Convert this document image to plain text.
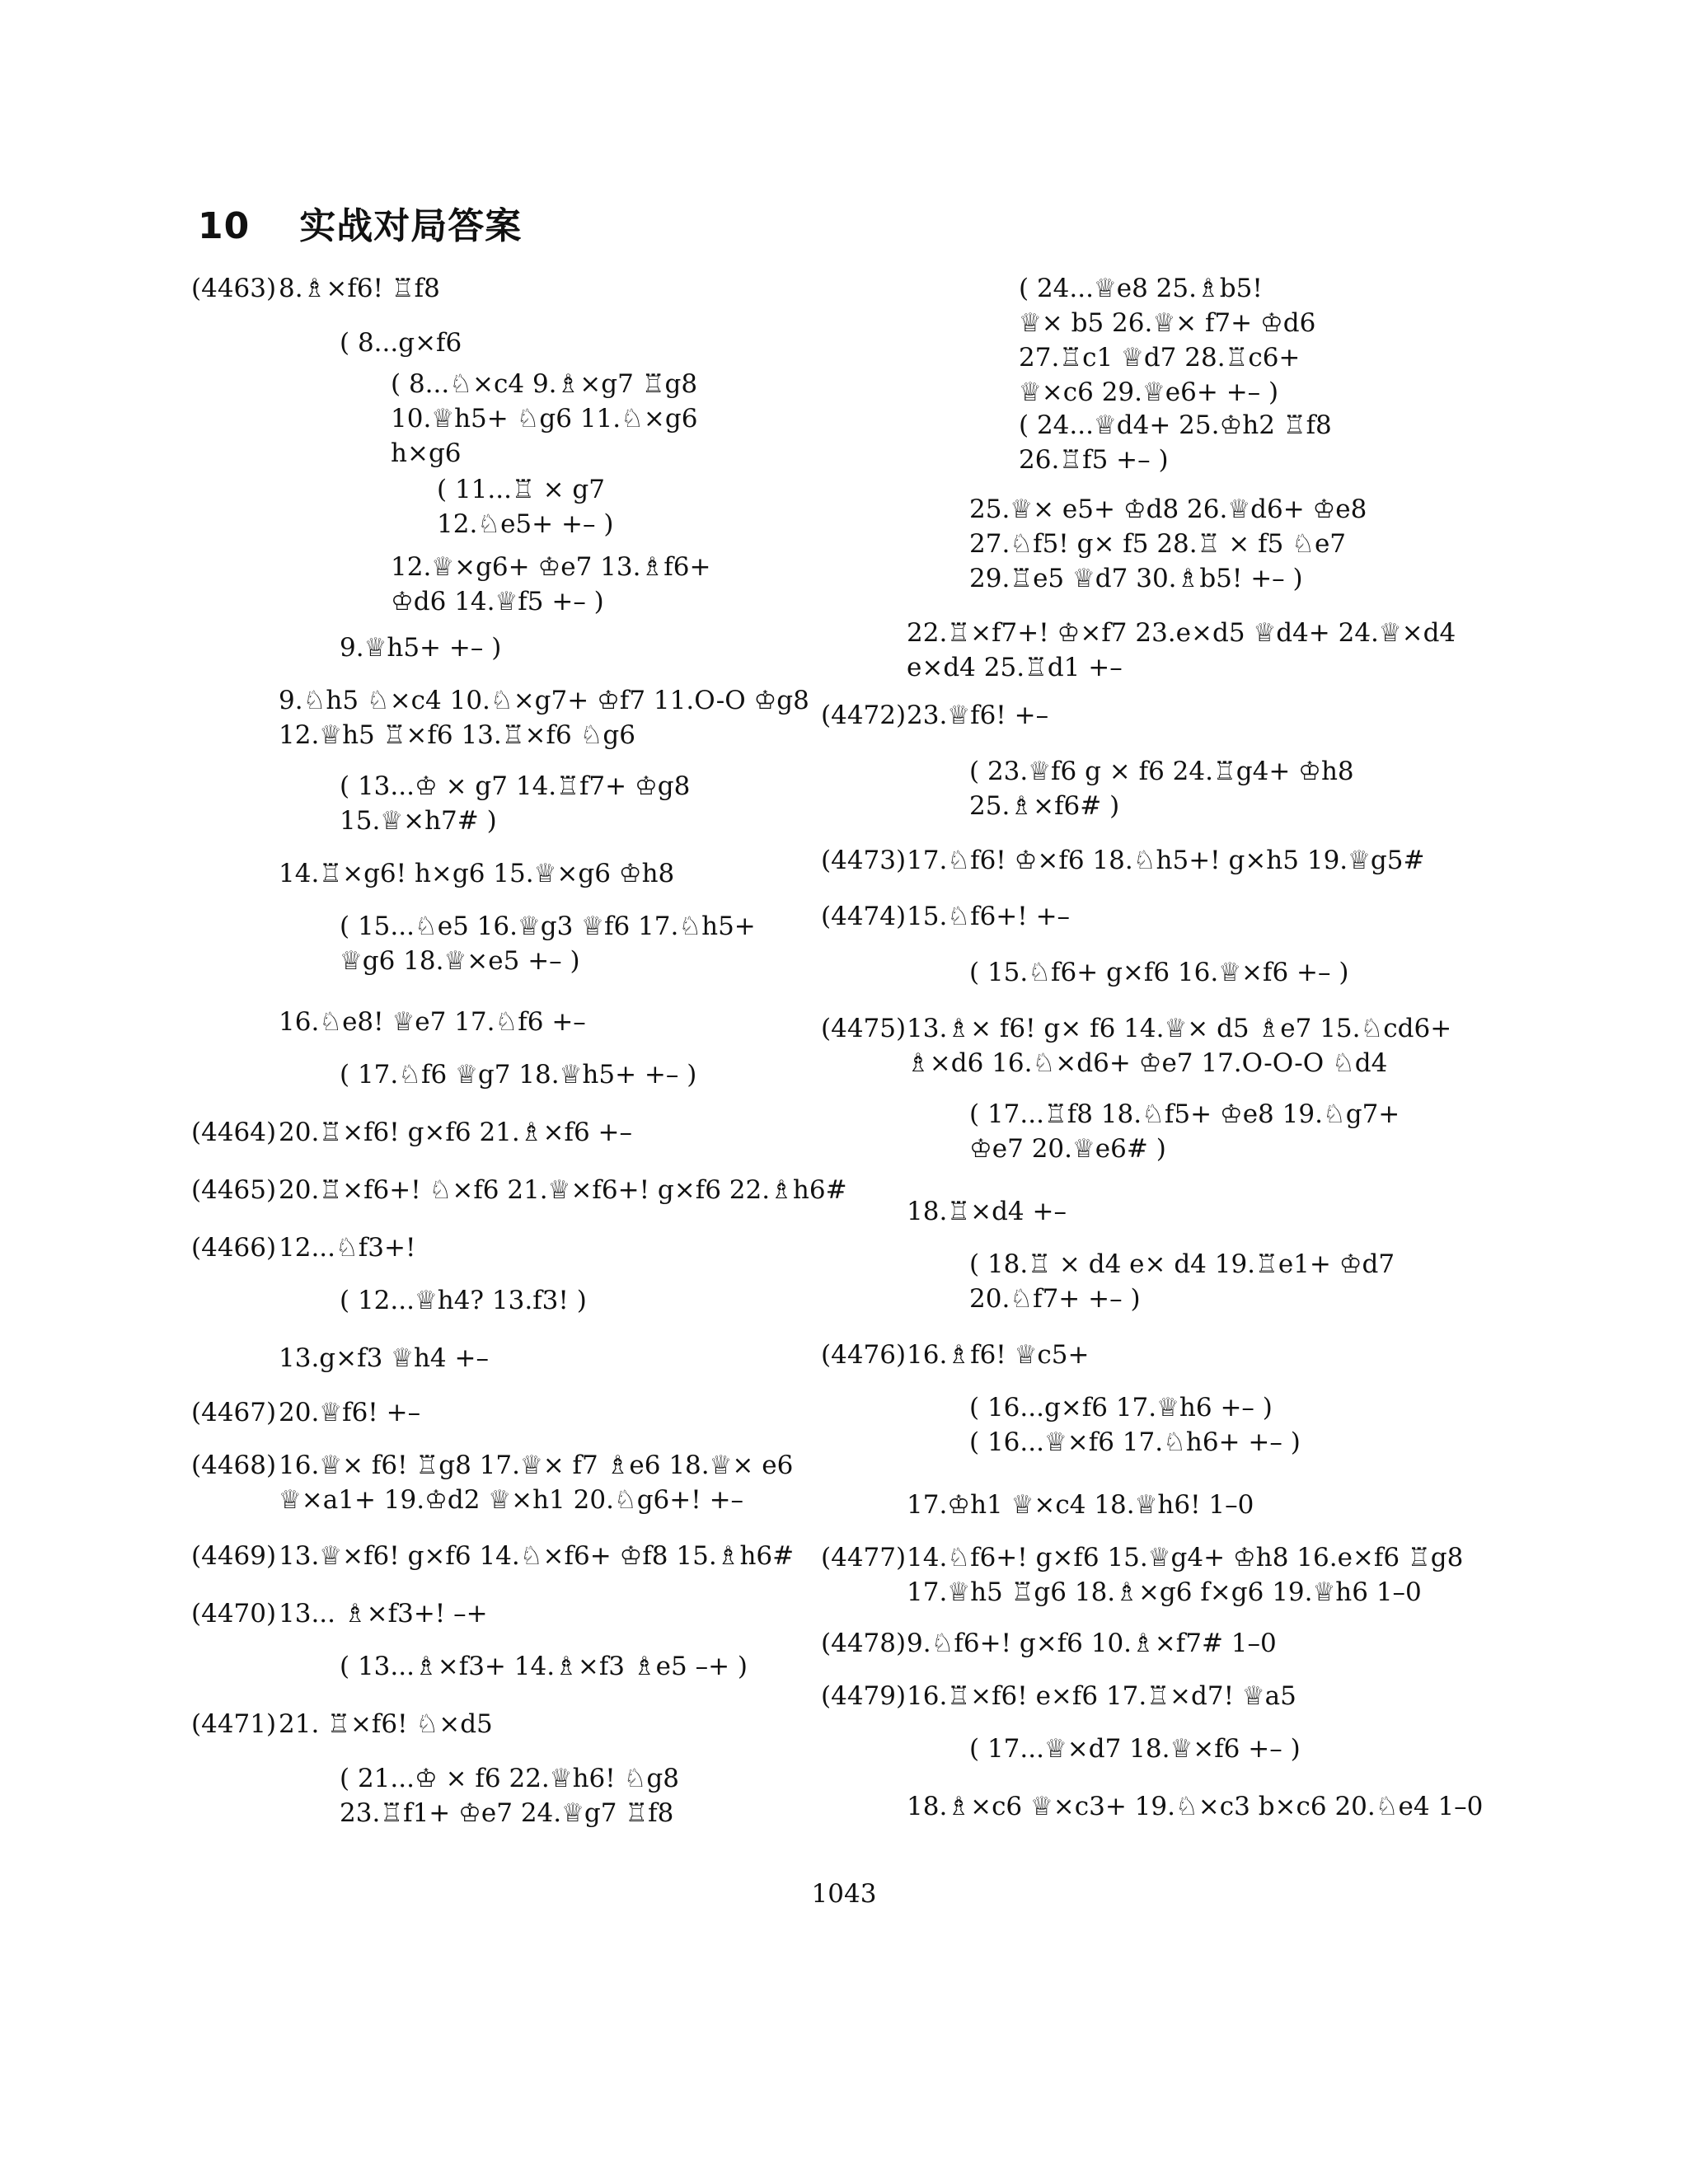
10 实战对局答案
(4463) 8.♗×f6! ♖f8
( 8...g×f6
( 8...♘×c4 9.♗×g7 ♖g8
10.♕h5+ ♘g6 11.♘×g6
h×g6
( 11...♖ × g7
12.♘e5+ +– )
12.♕×g6+ ♔e7 13.♗f6+
♔d6 14.♕f5 +– )
9.♕h5+ +– )
9.♘h5 ♘×c4 10.♘×g7+ ♔f7 11.O-O ♔g8
12.♕h5 ♖×f6 13.♖×f6 ♘g6
( 13...♔ × g7 14.♖f7+ ♔g8
15.♕×h7# )
14.♖×g6! h×g6 15.♕×g6 ♔h8
( 15...♘e5 16.♕g3 ♕f6 17.♘h5+
♕g6 18.♕×e5 +– )
16.♘e8! ♕e7 17.♘f6 +–
( 17.♘f6 ♕g7 18.♕h5+ +– )
(4464) 20.♖×f6! g×f6 21.♗×f6 +–
(4465) 20.♖×f6+! ♘×f6 21.♕×f6+! g×f6 22.♗h6#
(4466) 12...♘f3+!
( 12...♕h4? 13.f3! )
13.g×f3 ♕h4 +–
(4467) 20.♕f6! +–
(4468) 16.♕× f6! ♖g8 17.♕× f7 ♗e6 18.♕× e6
♕×a1+ 19.♔d2 ♕×h1 20.♘g6+! +–
(4469) 13.♕×f6! g×f6 14.♘×f6+ ♔f8 15.♗h6#
(4470) 13... ♗×f3+! –+
( 13...♗×f3+ 14.♗×f3 ♗e5 –+ )
(4471) 21. ♖×f6! ♘×d5
( 21...♔ × f6 22.♕h6! ♘g8
23.♖f1+ ♔e7 24.♕g7 ♖f8
( 24...♕e8 25.♗b5!
♕× b5 26.♕× f7+ ♔d6
27.♖c1 ♕d7 28.♖c6+
♕×c6 29.♕e6+ +– )
( 24...♕d4+ 25.♔h2 ♖f8
26.♖f5 +– )
25.♕× e5+ ♔d8 26.♕d6+ ♔e8
27.♘f5! g× f5 28.♖ × f5 ♘e7
29.♖e5 ♕d7 30.♗b5! +– )
22.♖×f7+! ♔×f7 23.e×d5 ♕d4+ 24.♕×d4
e×d4 25.♖d1 +–
(4472) 23.♕f6! +–
( 23.♕f6 g × f6 24.♖g4+ ♔h8
25.♗×f6# )
(4473) 17.♘f6! ♔×f6 18.♘h5+! g×h5 19.♕g5#
(4474) 15.♘f6+! +–
( 15.♘f6+ g×f6 16.♕×f6 +– )
(4475) 13.♗× f6! g× f6 14.♕× d5 ♗e7 15.♘cd6+
♗×d6 16.♘×d6+ ♔e7 17.O-O-O ♘d4
( 17...♖f8 18.♘f5+ ♔e8 19.♘g7+
♔e7 20.♕e6# )
18.♖×d4 +–
( 18.♖ × d4 e× d4 19.♖e1+ ♔d7
20.♘f7+ +– )
(4476) 16.♗f6! ♕c5+
( 16...g×f6 17.♕h6 +– )
( 16...♕×f6 17.♘h6+ +– )
17.♔h1 ♕×c4 18.♕h6! 1–0
(4477) 14.♘f6+! g×f6 15.♕g4+ ♔h8 16.e×f6 ♖g8
17.♕h5 ♖g6 18.♗×g6 f×g6 19.♕h6 1–0
(4478) 9.♘f6+! g×f6 10.♗×f7# 1–0
(4479) 16.♖×f6! e×f6 17.♖×d7! ♕a5
( 17...♕×d7 18.♕×f6 +– )
18.♗×c6 ♕×c3+ 19.♘×c3 b×c6 20.♘e4 1–0
1043
